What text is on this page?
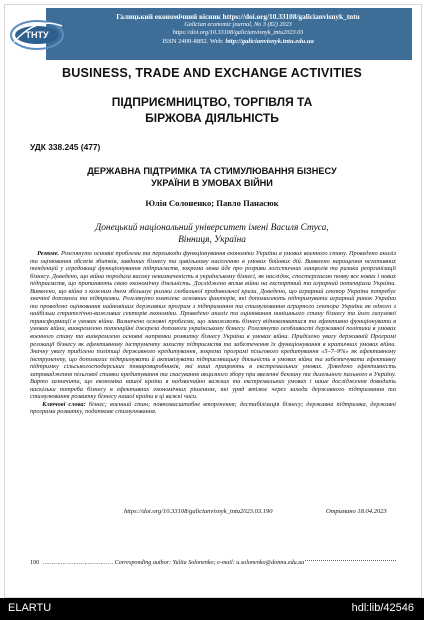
Галицький економічний вісник https://doi.org/10.33108/galicianvisnyk_tntu
Galician economic journal, No 3 (82) 2023
https://doi.org/10.33108/galicianvisnyk_tntu2023.03
ISSN 2409-8892. Web: http://galicianvisnyk.tntu.edu.ua
ТНТУ
BUSINESS, TRADE AND EXCHANGE ACTIVITIES
ПІДПРИЄМНИЦТВО, ТОРГІВЛЯ ТА
БІРЖОВА ДІЯЛЬНІСТЬ
УДК 338.245 (477)
ДЕРЖАВНА ПІДТРИМКА ТА СТИМУЛЮВАННЯ БІЗНЕСУ
УКРАЇНИ В УМОВАХ ВІЙНИ
Юлія Солоненко; Павло Панасюк
Донецький національний університет імені Василя Стуса,
Вінниця, Україна
Резюме. Розглянуто основні проблеми та перешкоди функціонування економіки України в умовах воєнного стану. Проведено аналіз та оцінювання обсягів збитків, завданих бізнесу та цивільному населенню в умовах бойових дій. Виявлено нарощення негативних тенденцій у середовищі функціонування підприємств, зокрема мова йде про розриви логістичних ланцюгів та ризики реорганізації бізнесу. Доведено, що війна породила високу невизначеність в українському бізнесі, як наслідок, спостерігаємо появу все нових і нових підприємств, що припиняють свою економічну діяльність. Досліджено вплив війни на експортний та аграрний потенціали України. Виявлено, що війна з кожним днем збільшує ризики глобальної продовольчої кризи. Доведено, що аграрний сектор України потребує значної допомоги та підтримки. Розглянуто комплекс основних факторів, які допомагають підтримувати аграрний ринок України та проведено оцінювання найновіших державних програм з підтримання та стимулювання аграрного сектора України як одного з найбільш стратегічно-важливих секторів економіки. Проведено аналіз та оцінювання нинішнього стану бізнесу та його галузевої трансформації в умовах війни. Визначено основні проблеми, що заважають бізнесу відновлюватися та ефективно функціонувати в умовах війни, виокремлено потенційні джерела допомоги українському бізнесу. Розглянуто особливості державної політики в умовах воєнного стану та виокремлено основні напрямки розвитку бізнесу України в умовах війни. Приділено увагу державній Програмі релокації бізнесу як ефективному інструменту захисту підприємств та забезпечення їх функціонування в критичних умовах війни. Значну увагу приділено політиці державного кредитування, зокрема програмі пільгового кредитування «5–7–9%» як ефективному інструменту, що допомагає підтримувати й активізувати підприємницьку діяльність в умовах війни та забезпечувати ефективну підтримку сільськогосподарських товаровиробників, які наші працюють в екстремальних умовах. Доведено ефективність запровадження пільгової ставки кредитування та скасування акцизного збору при ввезенні бензину та дизельного пального в Україну. Варто зазначити, що економіка нашої країни в надзвичайно важких та екстремальних умовах і наше дослідження доводить наскільки потреба бізнесу в ефективних економічних рішеннях, які уряд втілює через заходи державного підтримання та стимулювання розвитку бізнесу нашої країни в ці важкі часи.
Ключові слова: бізнес; воєнний стан; повномасштабне вторгнення; дестабілізація бізнесу; державна підтримка, державні програми розвитку, податкове стимулювання.
https://doi.org/10.33108/galicianvisnyk_tntu2023.03.190	Отримано 18.04.2023
190 ………………………………… Corresponding author: Yuliia Solonenko; e-mail: u.solonenko@donnu.edu.ua
ELARTU	hdl:lib/42546
